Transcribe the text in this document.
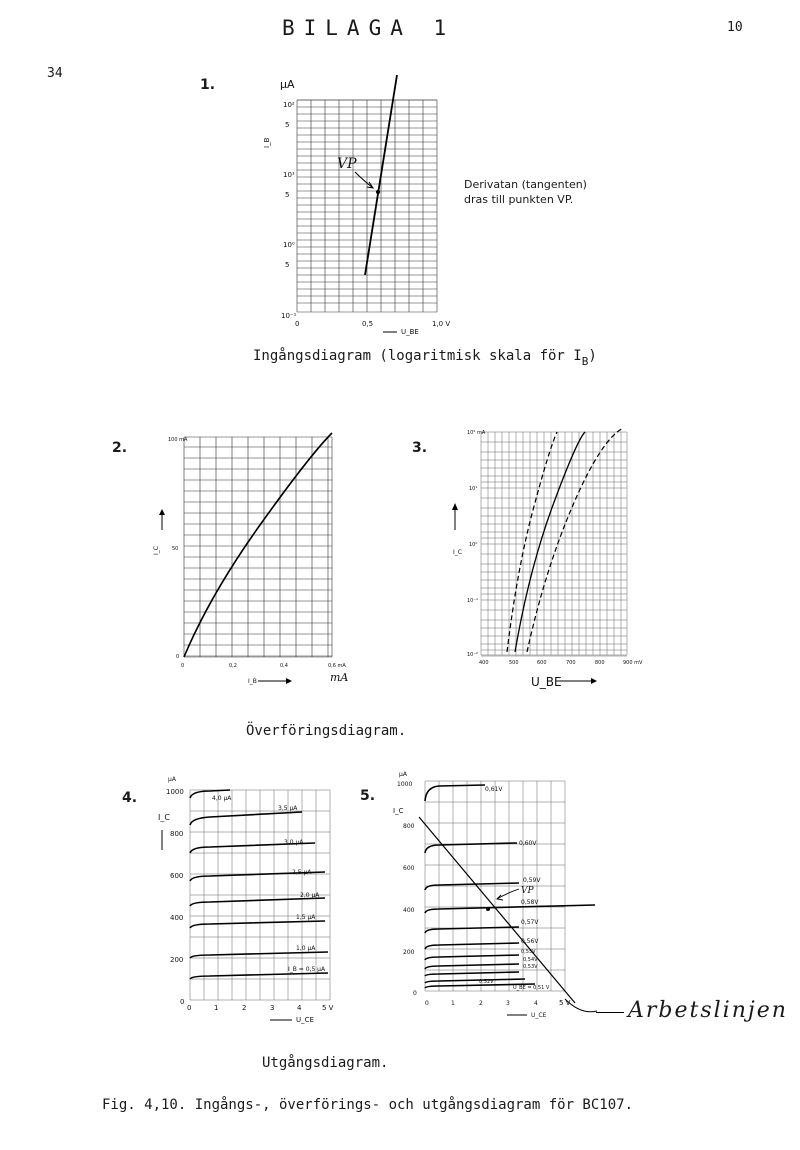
BILAGA 1	10
34
1.	µA
10²
5
10¹
5
10⁰
5
10⁻¹
I_B
0	0,5	1,0 V
U_BE
VP
Derivatan (tangenten)
dras till punkten VP.
Ingångsdiagram (logaritmisk skala för $I_B$)
2.	100 mA
50
0
I_C
0	0,2	0,4	0,6 mA
I_B	mA
3.
10² mA
10¹
10⁰
10⁻¹
10⁻²
I_C
400	500	600	700	800	900 mV
U_BE
Överföringsdiagram.
4.
µA
1000
800
600
400
200
0
I_C
0	1	2	3	4	5 V
U_CE
4,0 µA
3,5 µA
3,0 µA
2,5 µA
2,0 µA
1,5 µA
1,0 µA
I_B = 0,5 µA
5.
µA
1000
800
600
400
200
0
I_C
0	1	2	3	4	5 V
U_CE
0,61V
0,60V
0,59V
0,58V
0,57V
0,56V
0,55V
0,54V
0,53V
0,52V
U_BE = 0,51 V
VP
Arbetslinjen
Utgångsdiagram.
Fig. 4,10. Ingångs-, överförings- och utgångsdiagram för BC107.
